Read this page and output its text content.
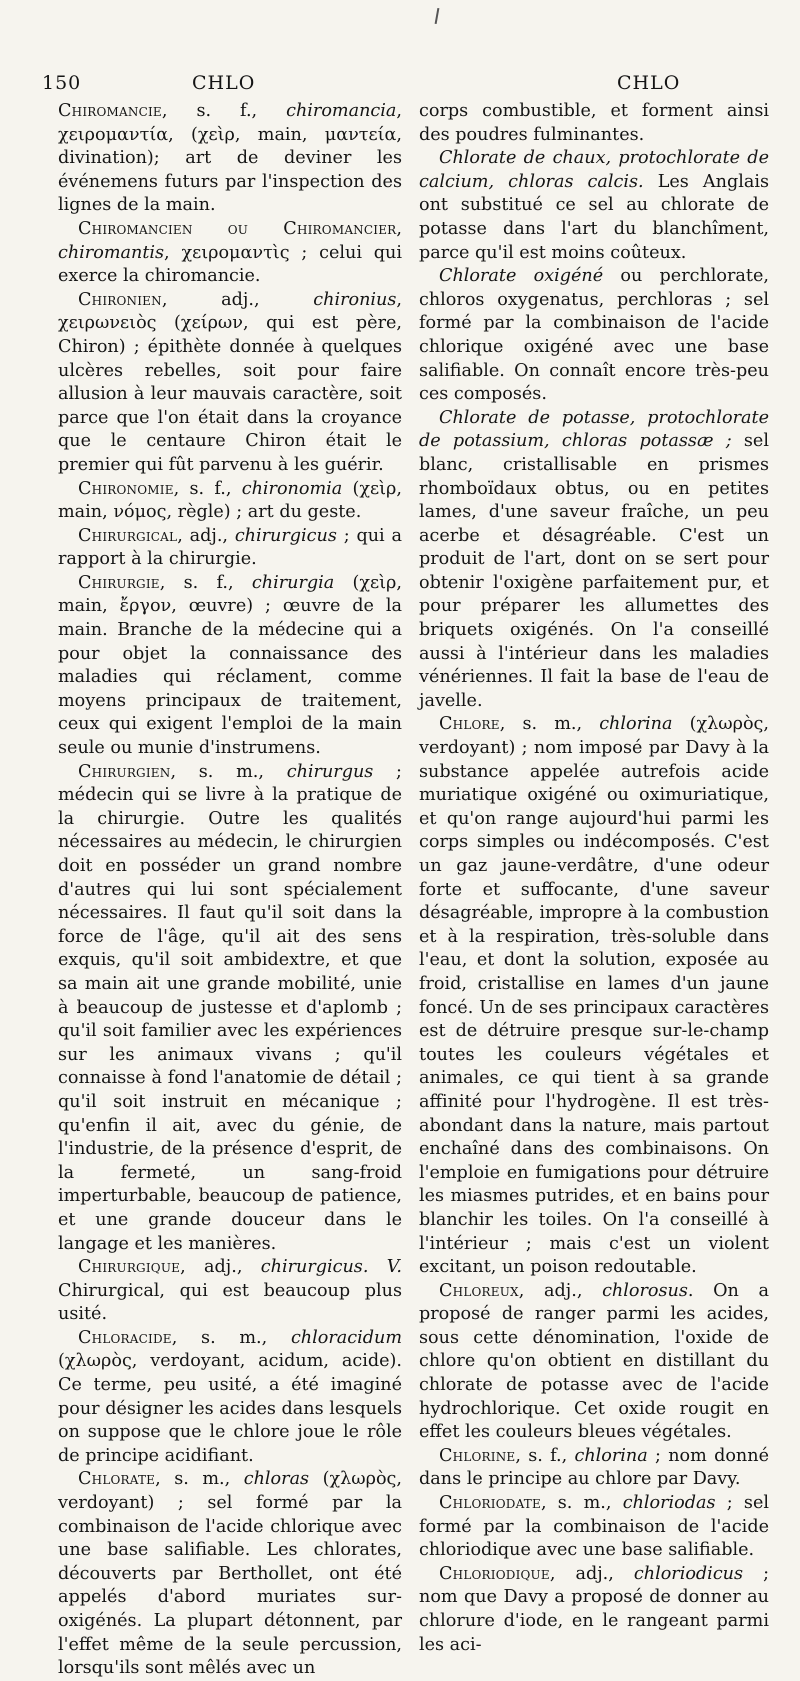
150	CHLO	CHLO

Chiromancie, s. f., chiromancia, χειρομαντία, (χεὶρ, main, μαντεία, divination); art de deviner les événemens futurs par l'inspection des lignes de la main.

Chiromancien ou Chiromancier, chiromantis, χειρομαντὶς ; celui qui exerce la chiromancie.

Chironien, adj., chironius, χειρωνειὸς (χείρων, qui est père, Chiron) ; épithète donnée à quelques ulcères rebelles, soit pour faire allusion à leur mauvais caractère, soit parce que l'on était dans la croyance que le centaure Chiron était le premier qui fût parvenu à les guérir.

Chironomie, s. f., chironomia (χεὶρ, main, νόμος, règle) ; art du geste.

Chirurgical, adj., chirurgicus ; qui a rapport à la chirurgie.

Chirurgie, s. f., chirurgia (χεὶρ, main, ἔργον, œuvre) ; œuvre de la main. Branche de la médecine qui a pour objet la connaissance des maladies qui réclament, comme moyens principaux de traitement, ceux qui exigent l'emploi de la main seule ou munie d'instrumens.

Chirurgien, s. m., chirurgus ; médecin qui se livre à la pratique de la chirurgie. Outre les qualités nécessaires au médecin, le chirurgien doit en posséder un grand nombre d'autres qui lui sont spécialement nécessaires. Il faut qu'il soit dans la force de l'âge, qu'il ait des sens exquis, qu'il soit ambidextre, et que sa main ait une grande mobilité, unie à beaucoup de justesse et d'aplomb ; qu'il soit familier avec les expériences sur les animaux vivans ; qu'il connaisse à fond l'anatomie de détail ; qu'il soit instruit en mécanique ; qu'enfin il ait, avec du génie, de l'industrie, de la présence d'esprit, de la fermeté, un sang-froid imperturbable, beaucoup de patience, et une grande douceur dans le langage et les manières.

Chirurgique, adj., chirurgicus. V. Chirurgical, qui est beaucoup plus usité.

Chloracide, s. m., chloracidum (χλωρὸς, verdoyant, acidum, acide). Ce terme, peu usité, a été imaginé pour désigner les acides dans lesquels on suppose que le chlore joue le rôle de principe acidifiant.

Chlorate, s. m., chloras (χλωρὸς, verdoyant) ; sel formé par la combinaison de l'acide chlorique avec une base salifiable. Les chlorates, découverts par Berthollet, ont été appelés d'abord muriates sur-oxigénés. La plupart détonnent, par l'effet même de la seule percussion, lorsqu'ils sont mêlés avec un

corps combustible, et forment ainsi des poudres fulminantes.

Chlorate de chaux, protochlorate de calcium, chloras calcis. Les Anglais ont substitué ce sel au chlorate de potasse dans l'art du blanchîment, parce qu'il est moins coûteux.

Chlorate oxigéné ou perchlorate, chloros oxygenatus, perchloras ; sel formé par la combinaison de l'acide chlorique oxigéné avec une base salifiable. On connaît encore très-peu ces composés.

Chlorate de potasse, protochlorate de potassium, chloras potassæ ; sel blanc, cristallisable en prismes rhomboïdaux obtus, ou en petites lames, d'une saveur fraîche, un peu acerbe et désagréable. C'est un produit de l'art, dont on se sert pour obtenir l'oxigène parfaitement pur, et pour préparer les allumettes des briquets oxigénés. On l'a conseillé aussi à l'intérieur dans les maladies vénériennes. Il fait la base de l'eau de javelle.

Chlore, s. m., chlorina (χλωρὸς, verdoyant) ; nom imposé par Davy à la substance appelée autrefois acide muriatique oxigéné ou oximuriatique, et qu'on range aujourd'hui parmi les corps simples ou indécomposés. C'est un gaz jaune-verdâtre, d'une odeur forte et suffocante, d'une saveur désagréable, impropre à la combustion et à la respiration, très-soluble dans l'eau, et dont la solution, exposée au froid, cristallise en lames d'un jaune foncé. Un de ses principaux caractères est de détruire presque sur-le-champ toutes les couleurs végétales et animales, ce qui tient à sa grande affinité pour l'hydrogène. Il est très-abondant dans la nature, mais partout enchaîné dans des combinaisons. On l'emploie en fumigations pour détruire les miasmes putrides, et en bains pour blanchir les toiles. On l'a conseillé à l'intérieur ; mais c'est un violent excitant, un poison redoutable.

Chloreux, adj., chlorosus. On a proposé de ranger parmi les acides, sous cette dénomination, l'oxide de chlore qu'on obtient en distillant du chlorate de potasse avec de l'acide hydrochlorique. Cet oxide rougit en effet les couleurs bleues végétales.

Chlorine, s. f., chlorina ; nom donné dans le principe au chlore par Davy.

Chloriodate, s. m., chloriodas ; sel formé par la combinaison de l'acide chloriodique avec une base salifiable.

Chloriodique, adj., chloriodicus ; nom que Davy a proposé de donner au chlorure d'iode, en le rangeant parmi les aci-
